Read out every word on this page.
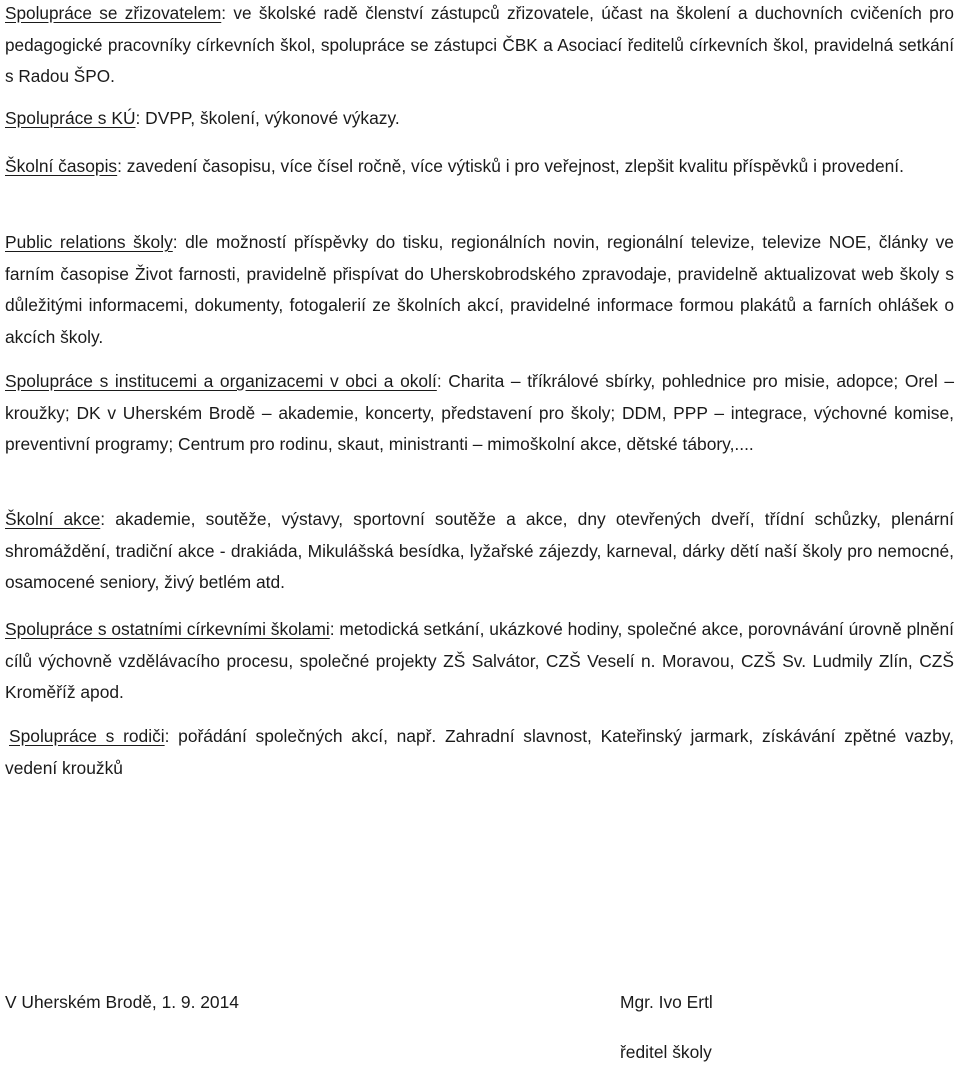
Spolupráce se zřizovatelem: ve školské radě členství zástupců zřizovatele, účast na školení a duchovních cvičeních pro pedagogické pracovníky církevních škol, spolupráce se zástupci ČBK a Asociací ředitelů církevních škol, pravidelná setkání s Radou ŠPO.

Spolupráce s KÚ: DVPP, školení, výkonové výkazy.

Školní časopis: zavedení časopisu, více čísel ročně, více výtisků i pro veřejnost, zlepšit kvalitu příspěvků i provedení.

Public relations školy: dle možností příspěvky do tisku, regionálních novin, regionální televize, televize NOE, články ve farním časopise Život farnosti, pravidelně přispívat do Uherskobrodského zpravodaje, pravidelně aktualizovat web školy s důležitými informacemi, dokumenty, fotogalerií ze školních akcí, pravidelné informace formou plakátů a farních ohlášek o akcích školy.

Spolupráce s institucemi a organizacemi v obci a okolí: Charita – tříkrálové sbírky, pohlednice pro misie, adopce; Orel – kroužky; DK v Uherském Brodě – akademie, koncerty, představení pro školy; DDM, PPP – integrace, výchovné komise, preventivní programy; Centrum pro rodinu, skaut, ministranti – mimoškolní akce, dětské tábory,....

Školní akce: akademie, soutěže, výstavy, sportovní soutěže a akce, dny otevřených dveří, třídní schůzky, plenární shromáždění, tradiční akce - drakiáda, Mikulášská besídka, lyžařské zájezdy, karneval, dárky dětí naší školy pro nemocné, osamocené seniory, živý betlém atd.

Spolupráce s ostatními církevními školami: metodická setkání, ukázkové hodiny, společné akce, porovnávání úrovně plnění cílů výchovně vzdělávacího procesu, společné projekty ZŠ Salvátor, CZŠ Veselí n. Moravou, CZŠ Sv. Ludmily Zlín, CZŠ Kroměříž apod.

Spolupráce s rodiči: pořádání společných akcí, např. Zahradní slavnost, Kateřinský jarmark, získávání zpětné vazby, vedení kroužků

V Uherském Brodě, 1. 9. 2014	Mgr. Ivo Ertl
ředitel školy
